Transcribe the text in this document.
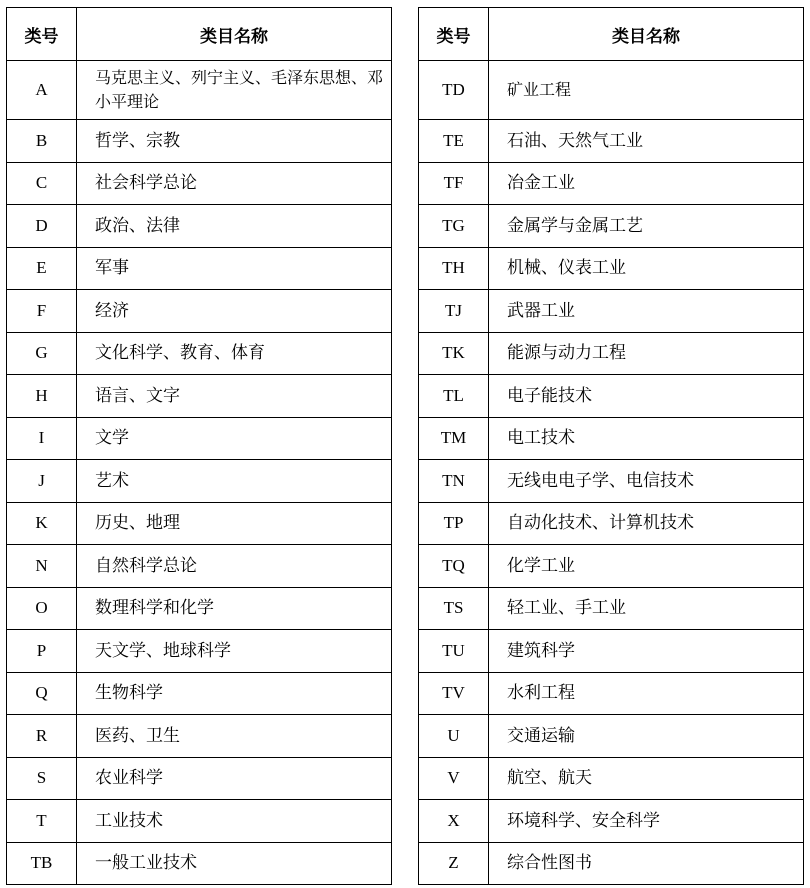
类号	类目名称
A	马克思主义、列宁主义、毛泽东思想、邓小平理论
B	哲学、宗教
C	社会科学总论
D	政治、法律
E	军事
F	经济
G	文化科学、教育、体育
H	语言、文字
I	文学
J	艺术
K	历史、地理
N	自然科学总论
O	数理科学和化学
P	天文学、地球科学
Q	生物科学
R	医药、卫生
S	农业科学
T	工业技术
TB	一般工业技术
类号	类目名称
TD	矿业工程
TE	石油、天然气工业
TF	冶金工业
TG	金属学与金属工艺
TH	机械、仪表工业
TJ	武器工业
TK	能源与动力工程
TL	电子能技术
TM	电工技术
TN	无线电电子学、电信技术
TP	自动化技术、计算机技术
TQ	化学工业
TS	轻工业、手工业
TU	建筑科学
TV	水利工程
U	交通运输
V	航空、航天
X	环境科学、安全科学
Z	综合性图书
